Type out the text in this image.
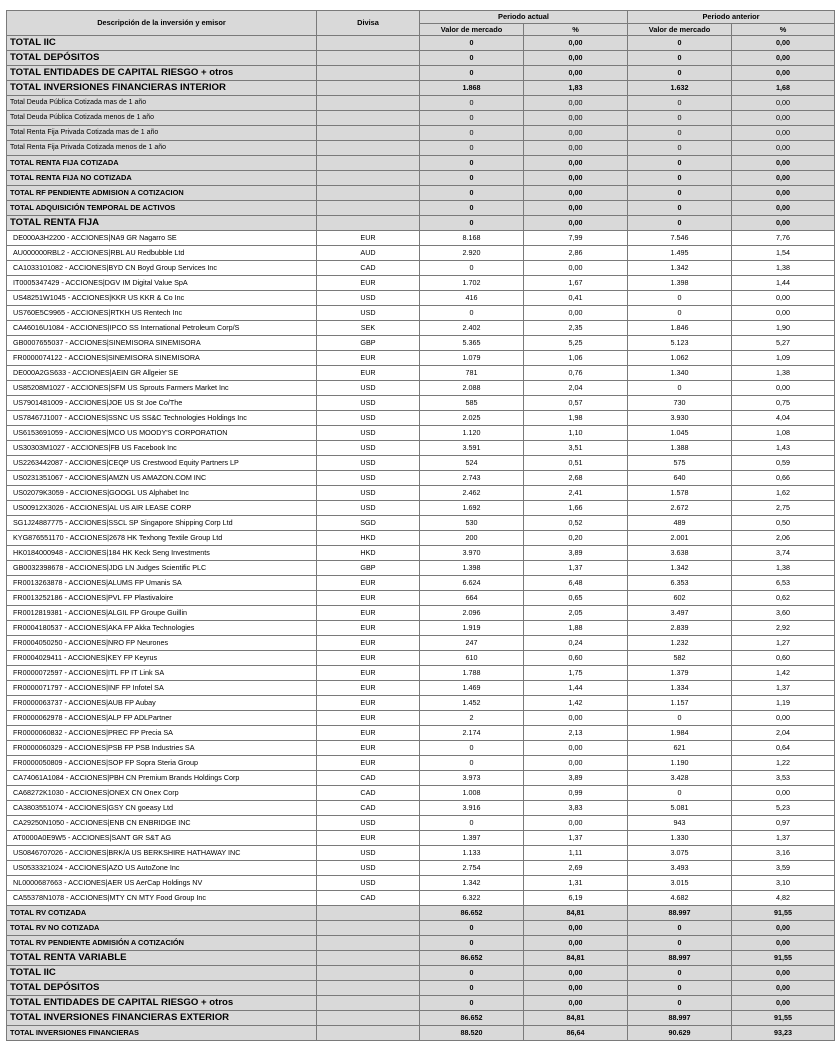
Descripción de la inversión y emisor	Divisa	Periodo actual		Periodo anterior	
		Valor de mercado	%	Valor de mercado	%
TOTAL IIC		0	0,00	0	0,00
TOTAL DEPÓSITOS		0	0,00	0	0,00
TOTAL ENTIDADES DE CAPITAL RIESGO + otros		0	0,00	0	0,00
TOTAL INVERSIONES FINANCIERAS INTERIOR		1.868	1,83	1.632	1,68
Total Deuda Pública Cotizada mas de 1 año		0	0,00	0	0,00
Total Deuda Pública Cotizada menos de 1 año		0	0,00	0	0,00
Total Renta Fija Privada Cotizada mas de 1 año		0	0,00	0	0,00
Total Renta Fija Privada Cotizada menos de 1 año		0	0,00	0	0,00
TOTAL RENTA FIJA COTIZADA		0	0,00	0	0,00
TOTAL RENTA FIJA NO COTIZADA		0	0,00	0	0,00
TOTAL RF PENDIENTE ADMISION A COTIZACION		0	0,00	0	0,00
TOTAL ADQUISICIÓN TEMPORAL DE ACTIVOS		0	0,00	0	0,00
TOTAL RENTA FIJA		0	0,00	0	0,00
DE000A3H2200 - ACCIONES|NA9 GR Nagarro SE	EUR	8.168	7,99	7.546	7,76
AU000000RBL2 - ACCIONES|RBL AU Redbubble Ltd	AUD	2.920	2,86	1.495	1,54
CA1033101082 - ACCIONES|BYD CN Boyd Group Services Inc	CAD	0	0,00	1.342	1,38
IT0005347429 - ACCIONES|DGV IM Digital Value SpA	EUR	1.702	1,67	1.398	1,44
US48251W1045 - ACCIONES|KKR US KKR & Co Inc	USD	416	0,41	0	0,00
US760E5C9965 - ACCIONES|RTKH US Rentech Inc	USD	0	0,00	0	0,00
CA46016U1084 - ACCIONES|IPCO SS International Petroleum Corp/S	SEK	2.402	2,35	1.846	1,90
GB0007655037 - ACCIONES|SINEMISORA SINEMISORA	GBP	5.365	5,25	5.123	5,27
FR0000074122 - ACCIONES|SINEMISORA SINEMISORA	EUR	1.079	1,06	1.062	1,09
DE000A2GS633 - ACCIONES|AEIN GR Allgeier SE	EUR	781	0,76	1.340	1,38
US85208M1027 - ACCIONES|SFM US Sprouts Farmers Market Inc	USD	2.088	2,04	0	0,00
US7901481009 - ACCIONES|JOE US St Joe Co/The	USD	585	0,57	730	0,75
US78467J1007 - ACCIONES|SSNC US SS&C Technologies Holdings Inc	USD	2.025	1,98	3.930	4,04
US6153691059 - ACCIONES|MCO US MOODY'S CORPORATION	USD	1.120	1,10	1.045	1,08
US30303M1027 - ACCIONES|FB US Facebook Inc	USD	3.591	3,51	1.388	1,43
US2263442087 - ACCIONES|CEQP US Crestwood Equity Partners LP	USD	524	0,51	575	0,59
US0231351067 - ACCIONES|AMZN US AMAZON.COM INC	USD	2.743	2,68	640	0,66
US02079K3059 - ACCIONES|GOOGL US Alphabet Inc	USD	2.462	2,41	1.578	1,62
US00912X3026 - ACCIONES|AL US AIR LEASE CORP	USD	1.692	1,66	2.672	2,75
SG1J24887775 - ACCIONES|SSCL SP Singapore Shipping Corp Ltd	SGD	530	0,52	489	0,50
KYG876551170 - ACCIONES|2678 HK Texhong Textile Group Ltd	HKD	200	0,20	2.001	2,06
HK0184000948 - ACCIONES|184 HK Keck Seng Investments	HKD	3.970	3,89	3.638	3,74
GB0032398678 - ACCIONES|JDG LN Judges Scientific PLC	GBP	1.398	1,37	1.342	1,38
FR0013263878 - ACCIONES|ALUMS FP Umanis SA	EUR	6.624	6,48	6.353	6,53
FR0013252186 - ACCIONES|PVL FP Plastivaloire	EUR	664	0,65	602	0,62
FR0012819381 - ACCIONES|ALGIL FP Groupe Guillin	EUR	2.096	2,05	3.497	3,60
FR0004180537 - ACCIONES|AKA FP Akka Technologies	EUR	1.919	1,88	2.839	2,92
FR0004050250 - ACCIONES|NRO FP Neurones	EUR	247	0,24	1.232	1,27
FR0004029411 - ACCIONES|KEY FP Keyrus	EUR	610	0,60	582	0,60
FR0000072597 - ACCIONES|ITL FP IT Link SA	EUR	1.788	1,75	1.379	1,42
FR0000071797 - ACCIONES|INF FP Infotel SA	EUR	1.469	1,44	1.334	1,37
FR0000063737 - ACCIONES|AUB FP Aubay	EUR	1.452	1,42	1.157	1,19
FR0000062978 - ACCIONES|ALP FP ADLPartner	EUR	2	0,00	0	0,00
FR0000060832 - ACCIONES|PREC FP Precia SA	EUR	2.174	2,13	1.984	2,04
FR0000060329 - ACCIONES|PSB FP PSB Industries SA	EUR	0	0,00	621	0,64
FR0000050809 - ACCIONES|SOP FP Sopra Steria Group	EUR	0	0,00	1.190	1,22
CA74061A1084 - ACCIONES|PBH CN Premium Brands Holdings Corp	CAD	3.973	3,89	3.428	3,53
CA68272K1030 - ACCIONES|ONEX CN Onex Corp	CAD	1.008	0,99	0	0,00
CA3803551074 - ACCIONES|GSY CN goeasy Ltd	CAD	3.916	3,83	5.081	5,23
CA29250N1050 - ACCIONES|ENB CN ENBRIDGE INC	USD	0	0,00	943	0,97
AT0000A0E9W5 - ACCIONES|SANT GR S&T AG	EUR	1.397	1,37	1.330	1,37
US0846707026 - ACCIONES|BRK/A US BERKSHIRE HATHAWAY INC	USD	1.133	1,11	3.075	3,16
US0533321024 - ACCIONES|AZO US AutoZone Inc	USD	2.754	2,69	3.493	3,59
NL0000687663 - ACCIONES|AER US AerCap Holdings NV	USD	1.342	1,31	3.015	3,10
CA55378N1078 - ACCIONES|MTY CN MTY Food Group Inc	CAD	6.322	6,19	4.682	4,82
TOTAL RV COTIZADA		86.652	84,81	88.997	91,55
TOTAL RV NO COTIZADA		0	0,00	0	0,00
TOTAL RV PENDIENTE ADMISIÓN A COTIZACIÓN		0	0,00	0	0,00
TOTAL RENTA VARIABLE		86.652	84,81	88.997	91,55
TOTAL IIC		0	0,00	0	0,00
TOTAL DEPÓSITOS		0	0,00	0	0,00
TOTAL ENTIDADES DE CAPITAL RIESGO + otros		0	0,00	0	0,00
TOTAL INVERSIONES FINANCIERAS EXTERIOR		86.652	84,81	88.997	91,55
TOTAL INVERSIONES FINANCIERAS		88.520	86,64	90.629	93,23
